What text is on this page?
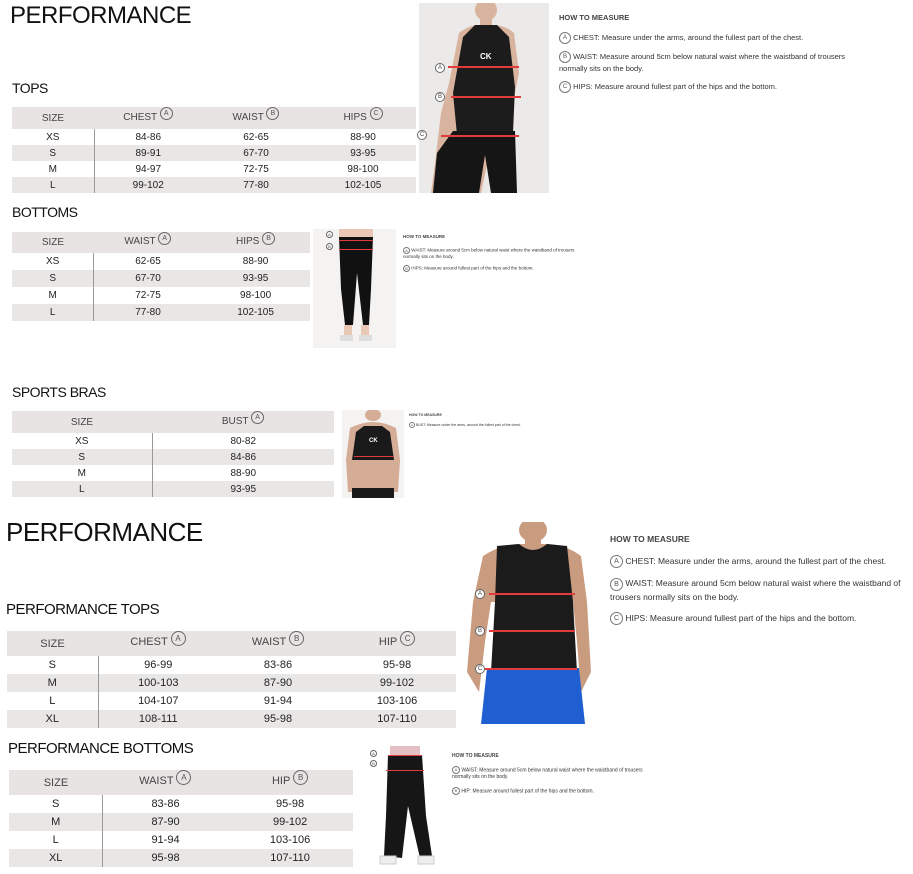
PERFORMANCE
TOPS
SIZE	CHEST A	WAIST B	HIPS C
XS	84-86	62-65	88-90
S	89-91	67-70	93-95
M	94-97	72-75	98-100
L	99-102	77-80	102-105
CK
A
B
C
HOW TO MEASURE
A CHEST: Measure under the arms, around the fullest part of the chest.
B WAIST: Measure around 5cm below natural waist where the waistband of trousers normally sits on the body.
C HIPS: Measure around fullest part of the hips and the bottom.
BOTTOMS
SIZE	WAIST A	HIPS B
XS	62-65	88-90
S	67-70	93-95
M	72-75	98-100
L	77-80	102-105
A
B
HOW TO MEASURE
A WAIST: Measure around 5cm below natural waist where the waistband of trousers normally sits on the body.
B HIPS: Measure around fullest part of the hips and the bottom.
SPORTS BRAS
SIZE	BUST A
XS	80-82
S	84-86
M	88-90
L	93-95
CK
HOW TO MEASURE
A BUST: Measure under the arms, around the fullest part of the chest.
PERFORMANCE
PERFORMANCE TOPS
SIZE	CHEST A	WAIST B	HIP C
S	96-99	83-86	95-98
M	100-103	87-90	99-102
L	104-107	91-94	103-106
XL	108-111	95-98	107-110
A
B
C
HOW TO MEASURE
A CHEST: Measure under the arms, around the fullest part of the chest.
B WAIST: Measure around 5cm below natural waist where the waistband of trousers normally sits on the body.
C HIPS: Measure around fullest part of the hips and the bottom.
PERFORMANCE BOTTOMS
SIZE	WAIST A	HIP B
S	83-86	95-98
M	87-90	99-102
L	91-94	103-106
XL	95-98	107-110
A
B
HOW TO MEASURE
A WAIST: Measure around 5cm below natural waist where the waistband of trousers normally sits on the body.
B HIP: Measure around fullest part of the hips and the bottom.
